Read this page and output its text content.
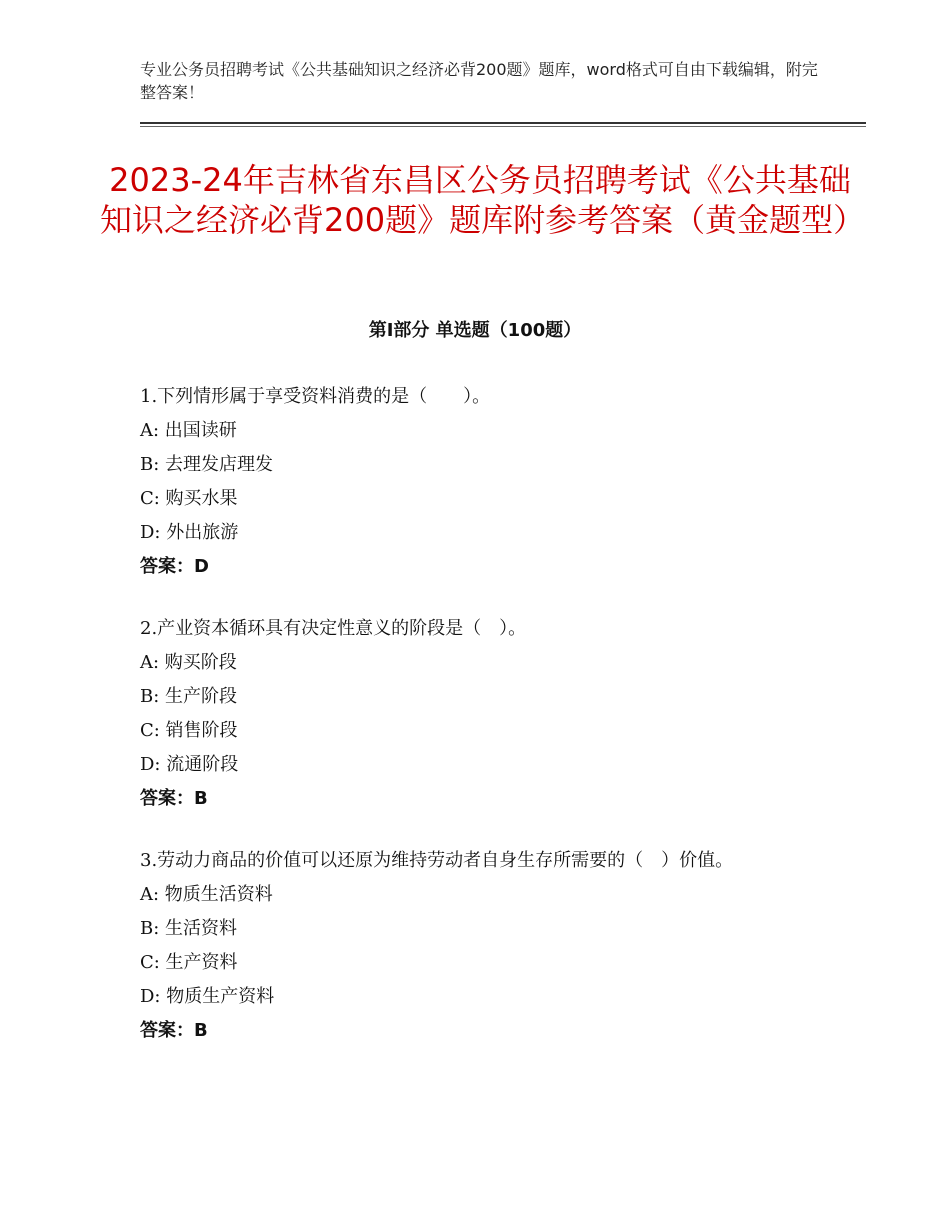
专业公务员招聘考试《公共基础知识之经济必背200题》题库，word格式可自由下载编辑，附完整答案！
2023-24年吉林省东昌区公务员招聘考试《公共基础知识之经济必背200题》题库附参考答案（黄金题型）
第Ⅰ部分 单选题（100题）
1.下列情形属于享受资料消费的是（　　）。
A: 出国读研
B: 去理发店理发
C: 购买水果
D: 外出旅游
答案：D
2.产业资本循环具有决定性意义的阶段是（　）。
A: 购买阶段
B: 生产阶段
C: 销售阶段
D: 流通阶段
答案：B
3.劳动力商品的价值可以还原为维持劳动者自身生存所需要的（　）价值。
A: 物质生活资料
B: 生活资料
C: 生产资料
D: 物质生产资料
答案：B
